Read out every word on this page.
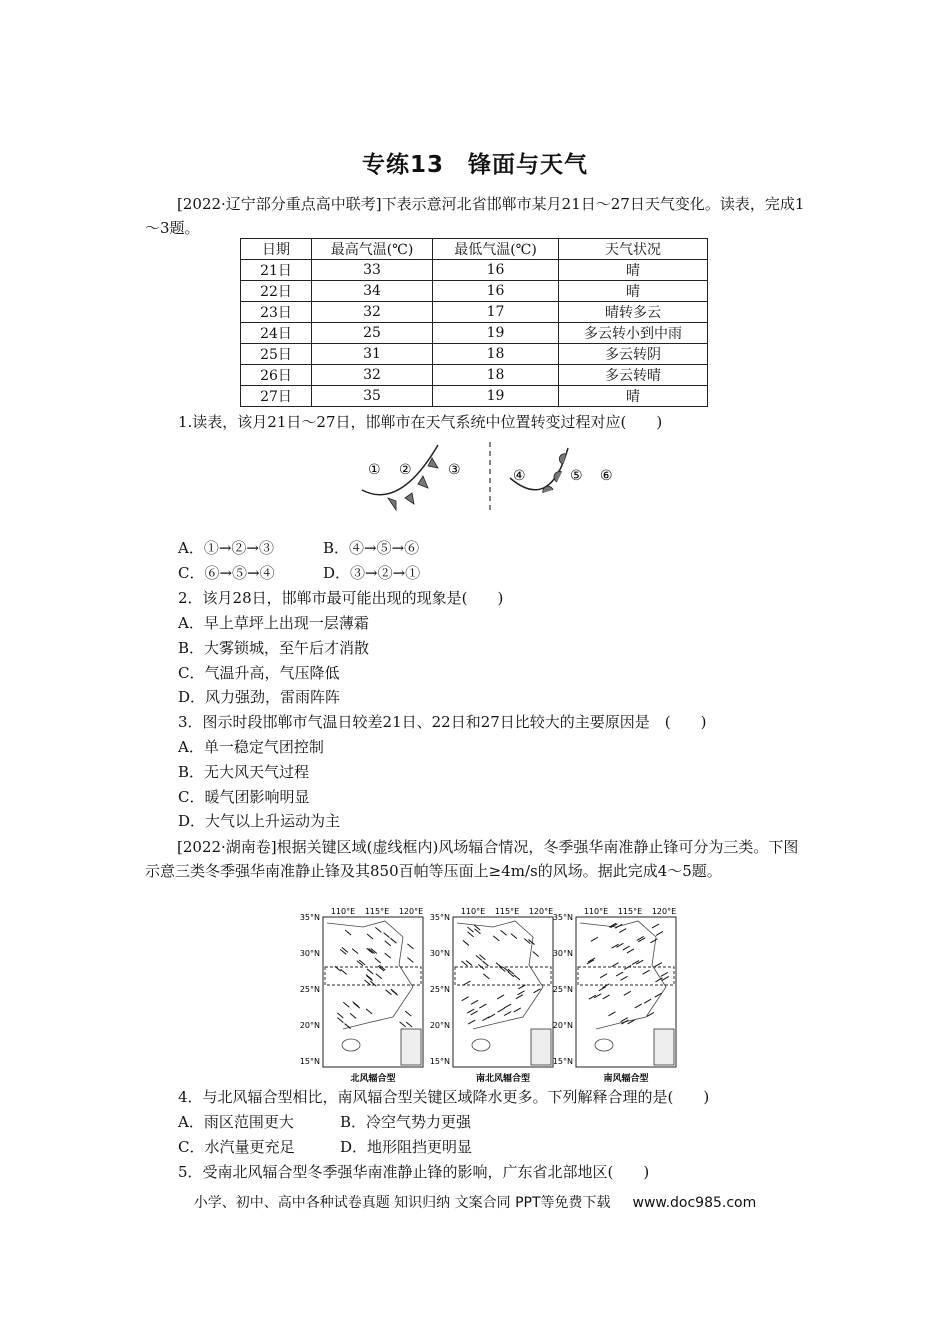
专练13　锋面与天气
[2022·辽宁部分重点高中联考]下表示意河北省邯郸市某月21日～27日天气变化。读表，完成1～3题。
日期	最高气温(℃)	最低气温(℃)	天气状况
21日	33	16	晴
22日	34	16	晴
23日	32	17	晴转多云
24日	25	19	多云转小到中雨
25日	31	18	多云转阴
26日	32	18	多云转晴
27日	35	19	晴
1.读表，该月21日～27日，邯郸市在天气系统中位置转变过程对应(　　)
① ②	③	④	⑤ ⑥
A．①→②→③	B．④→⑤→⑥
C．⑥→⑤→④	D．③→②→①
2．该月28日，邯郸市最可能出现的现象是(　　)
A．早上草坪上出现一层薄霜
B．大雾锁城，至午后才消散
C．气温升高，气压降低
D．风力强劲，雷雨阵阵
3．图示时段邯郸市气温日较差21日、22日和27日比较大的主要原因是　(　　)
A．单一稳定气团控制
B．无大风天气过程
C．暖气团影响明显
D．大气以上升运动为主
[2022·湖南卷]根据关键区域(虚线框内)风场辐合情况，冬季强华南准静止锋可分为三类。下图示意三类冬季强华南准静止锋及其850百帕等压面上≥4m/s的风场。据此完成4～5题。
35°N
30°N
25°N
20°N
15°N
110°E 115°E 120°E
北风辐合型
35°N
30°N
25°N
20°N
15°N
110°E 115°E 120°E
南北风辐合型
35°N
30°N
25°N
20°N
15°N
110°E 115°E 120°E
南风辐合型
4．与北风辐合型相比，南风辐合型关键区域降水更多。下列解释合理的是(　　)
A．雨区范围更大	B．冷空气势力更强
C．水汽量更充足	D．地形阻挡更明显
5．受南北风辐合型冬季强华南准静止锋的影响，广东省北部地区(　　)
小学、初中、高中各种试卷真题 知识归纳 文案合同 PPT等免费下载 www.doc985.com
